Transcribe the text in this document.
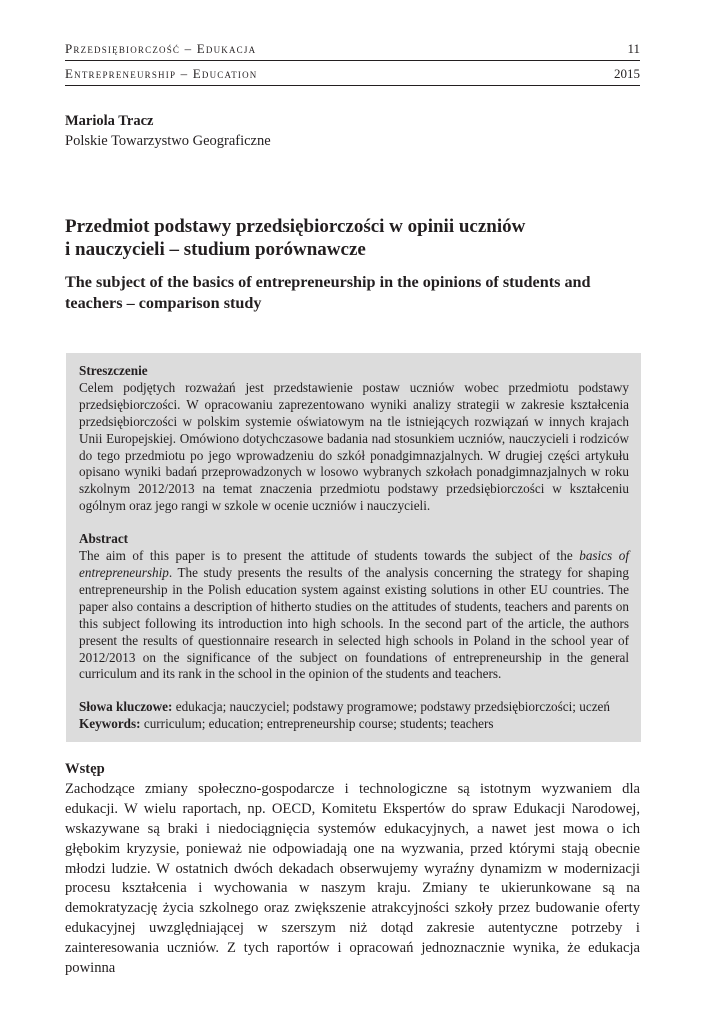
Przedsiębiorczość – Edukacja	11
Entrepreneurship – Education	2015
Mariola Tracz
Polskie Towarzystwo Geograficzne
Przedmiot podstawy przedsiębiorczości w opinii uczniów
i nauczycieli – studium porównawcze
The subject of the basics of entrepreneurship in the opinions of students and teachers – comparison study
Streszczenie

Celem podjętych rozważań jest przedstawienie postaw uczniów wobec przedmiotu podstawy przedsiębiorczości. W opracowaniu zaprezentowano wyniki analizy strategii w zakresie kształcenia przedsiębiorczości w polskim systemie oświatowym na tle istniejących rozwiązań w innych krajach Unii Europejskiej. Omówiono dotychczasowe badania nad stosunkiem uczniów, nauczycieli i rodziców do tego przedmiotu po jego wprowadzeniu do szkół ponadgimnazjalnych. W drugiej części artykułu opisano wyniki badań przeprowadzonych w losowo wybranych szkołach ponadgimnazjalnych w roku szkolnym 2012/2013 na temat znaczenia przedmiotu podstawy przedsiębiorczości w kształceniu ogólnym oraz jego rangi w szkole w ocenie uczniów i nauczycieli.

Abstract

The aim of this paper is to present the attitude of students towards the subject of the basics of entrepreneurship. The study presents the results of the analysis concerning the strategy for shaping entrepreneurship in the Polish education system against existing solutions in other EU countries. The paper also contains a description of hitherto studies on the attitudes of students, teachers and parents on this subject following its introduction into high schools. In the second part of the article, the authors present the results of questionnaire research in selected high schools in Poland in the school year of 2012/2013 on the significance of the subject on foundations of entrepreneurship in the general curriculum and its rank in the school in the opinion of the students and teachers.

Słowa kluczowe: edukacja; nauczyciel; podstawy programowe; podstawy przedsiębiorczości; uczeń

Keywords: curriculum; education; entrepreneurship course; students; teachers

Wstęp

Zachodzące zmiany społeczno-gospodarcze i technologiczne są istotnym wyzwaniem dla edukacji. W wielu raportach, np. OECD, Komitetu Ekspertów do spraw Edukacji Narodowej, wskazywane są braki i niedociągnięcia systemów edukacyjnych, a nawet jest mowa o ich głębokim kryzysie, ponieważ nie odpowiadają one na wyzwania, przed którymi stają obecnie młodzi ludzie. W ostatnich dwóch dekadach obserwujemy wyraźny dynamizm w modernizacji procesu kształcenia i wychowania w naszym kraju. Zmiany te ukierunkowane są na demokratyzację życia szkolnego oraz zwiększenie atrakcyjności szkoły przez budowanie oferty edukacyjnej uwzględniającej w szerszym niż dotąd zakresie autentyczne potrzeby i zainteresowania uczniów. Z tych raportów i opracowań jednoznacznie wynika, że edukacja powinna
